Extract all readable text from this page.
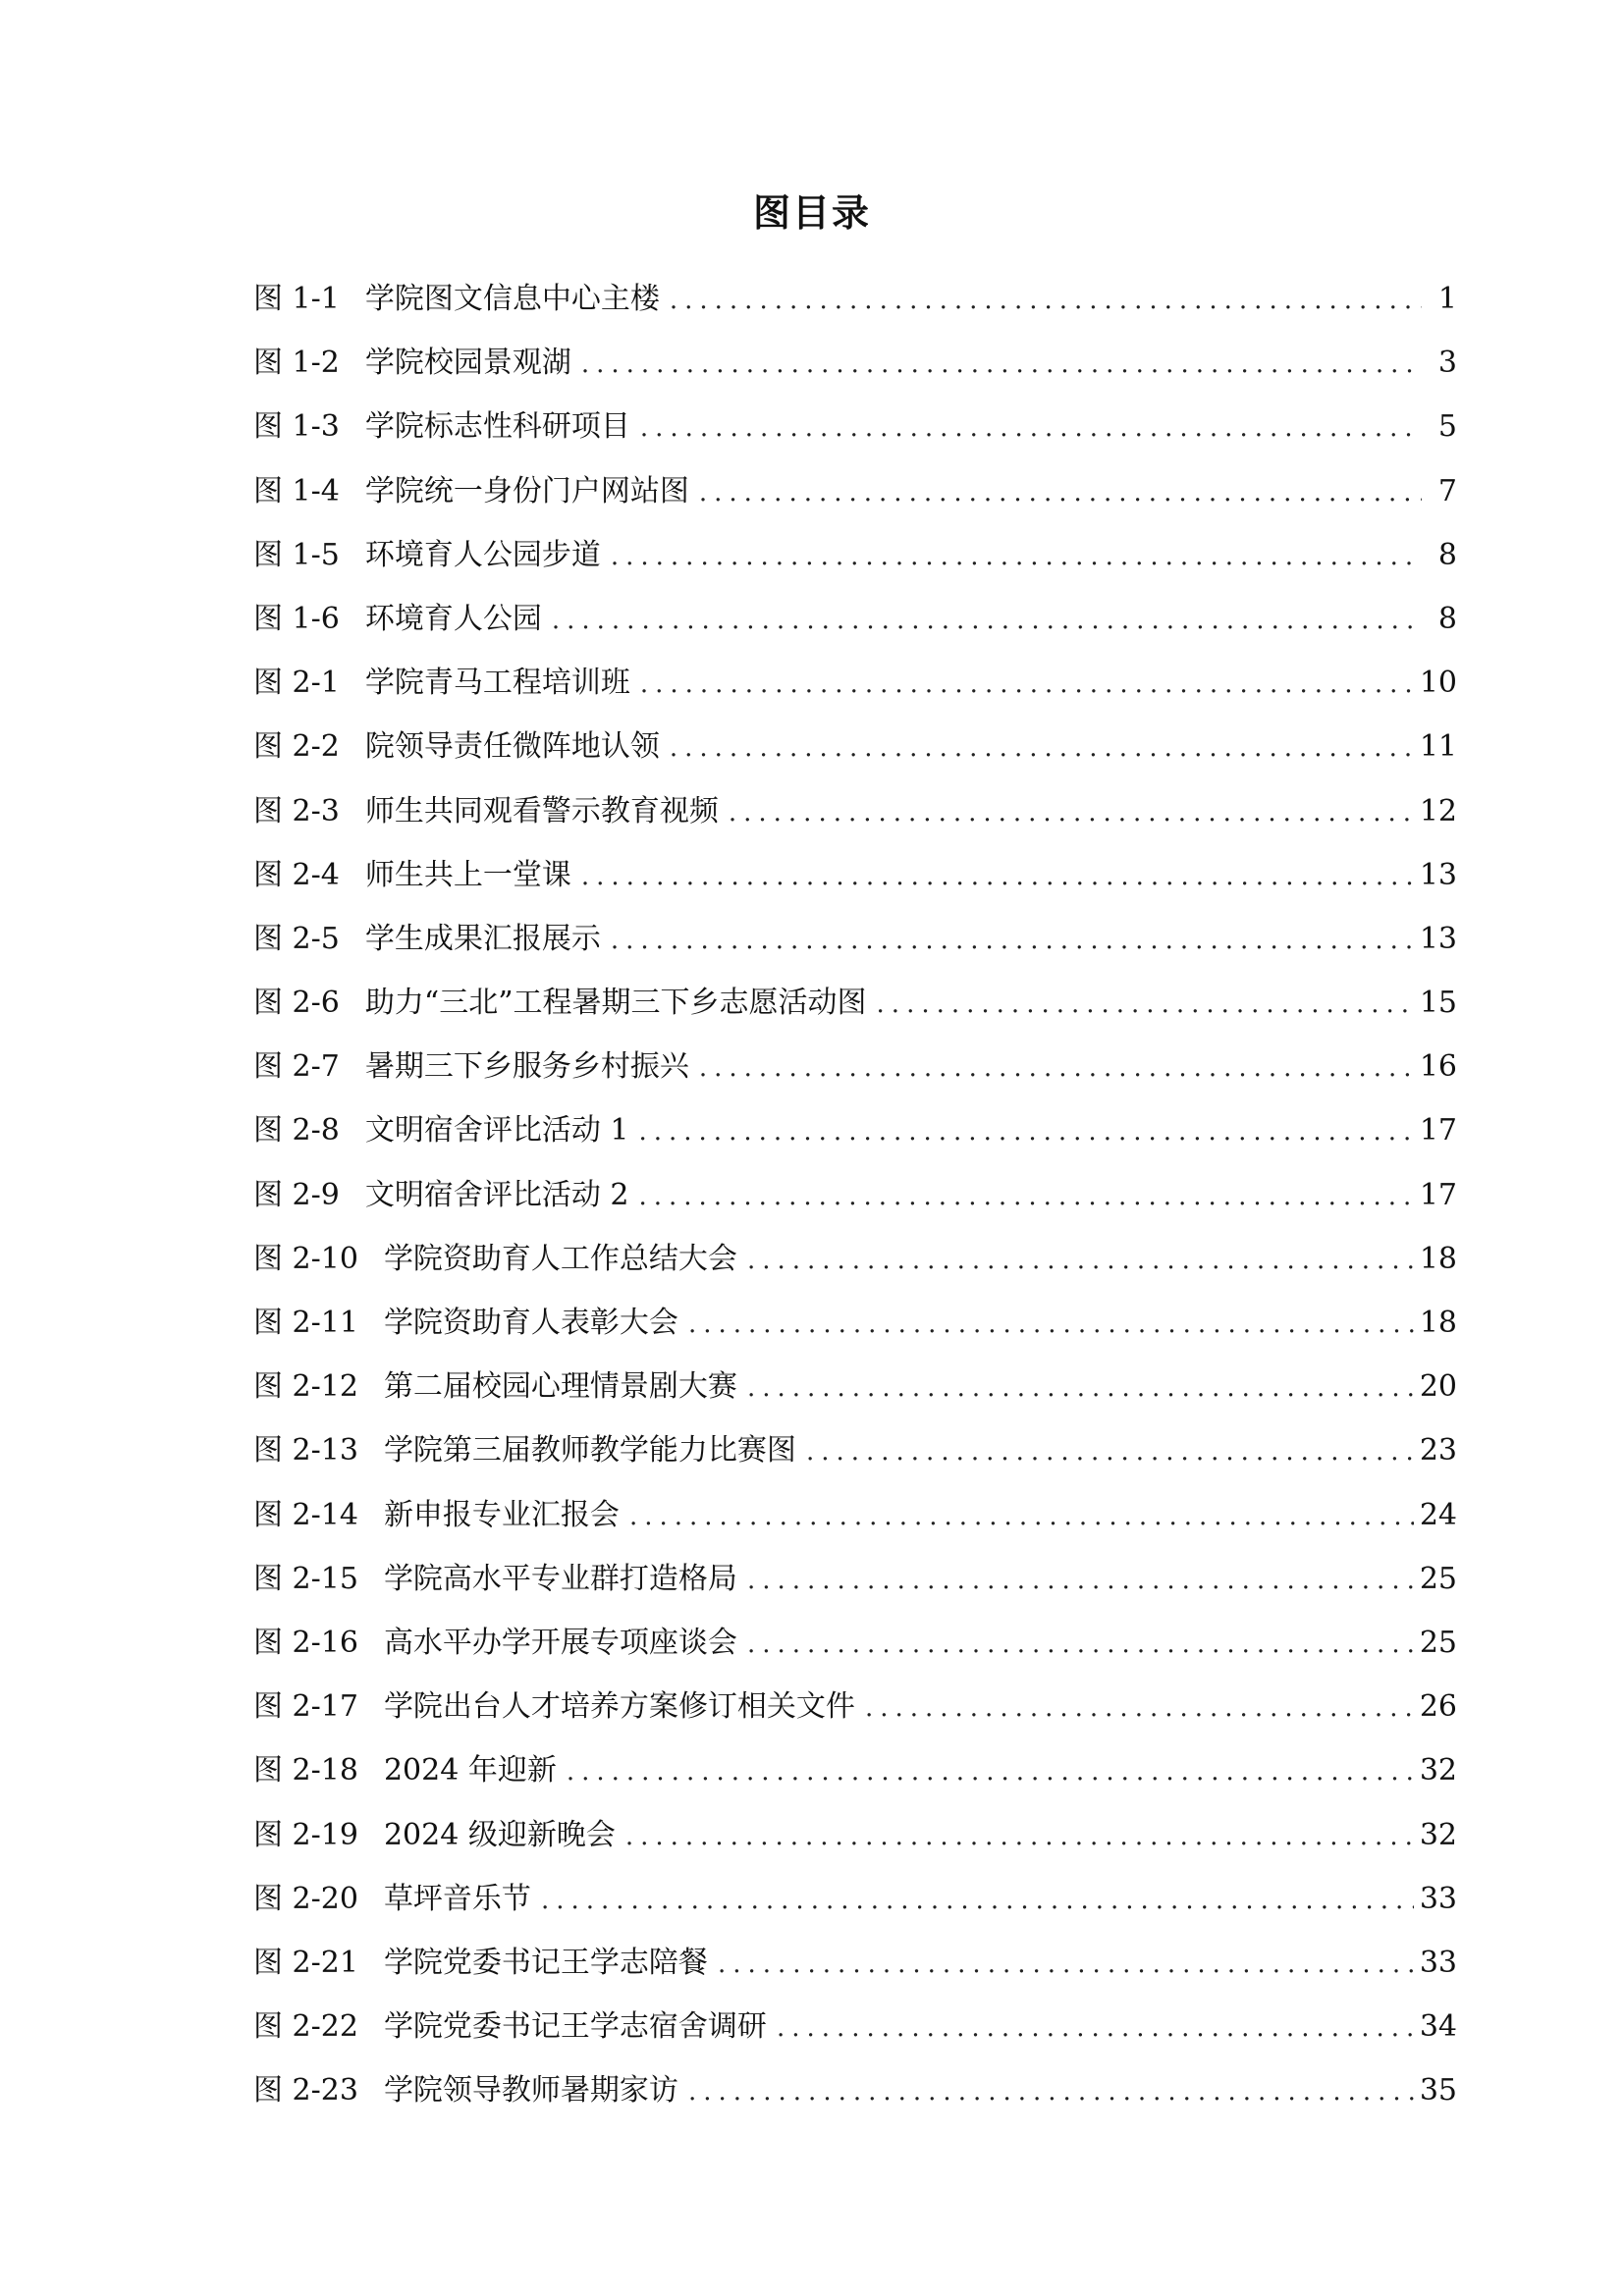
图目录
图 1-1 学院图文信息中心主楼 .....	1
图 1-2 学院校园景观湖 .....	3
图 1-3 学院标志性科研项目 .....	5
图 1-4 学院统一身份门户网站图 .....	7
图 1-5 环境育人公园步道 .....	8
图 1-6 环境育人公园 .....	8
图 2-1 学院青马工程培训班 .....	10
图 2-2 院领导责任微阵地认领 .....	11
图 2-3 师生共同观看警示教育视频 .....	12
图 2-4 师生共上一堂课 .....	13
图 2-5 学生成果汇报展示 .....	13
图 2-6 助力“三北”工程暑期三下乡志愿活动图 .....	15
图 2-7 暑期三下乡服务乡村振兴 .....	16
图 2-8 文明宿舍评比活动 1 .....	17
图 2-9 文明宿舍评比活动 2 .....	17
图 2-10 学院资助育人工作总结大会 .....	18
图 2-11 学院资助育人表彰大会 .....	18
图 2-12 第二届校园心理情景剧大赛 .....	20
图 2-13 学院第三届教师教学能力比赛图 .....	23
图 2-14 新申报专业汇报会 .....	24
图 2-15 学院高水平专业群打造格局 .....	25
图 2-16 高水平办学开展专项座谈会 .....	25
图 2-17 学院出台人才培养方案修订相关文件 .....	26
图 2-18 2024 年迎新 .....	32
图 2-19 2024 级迎新晚会 .....	32
图 2-20 草坪音乐节 .....	33
图 2-21 学院党委书记王学志陪餐 .....	33
图 2-22 学院党委书记王学志宿舍调研 .....	34
图 2-23 学院领导教师暑期家访 .....	35
